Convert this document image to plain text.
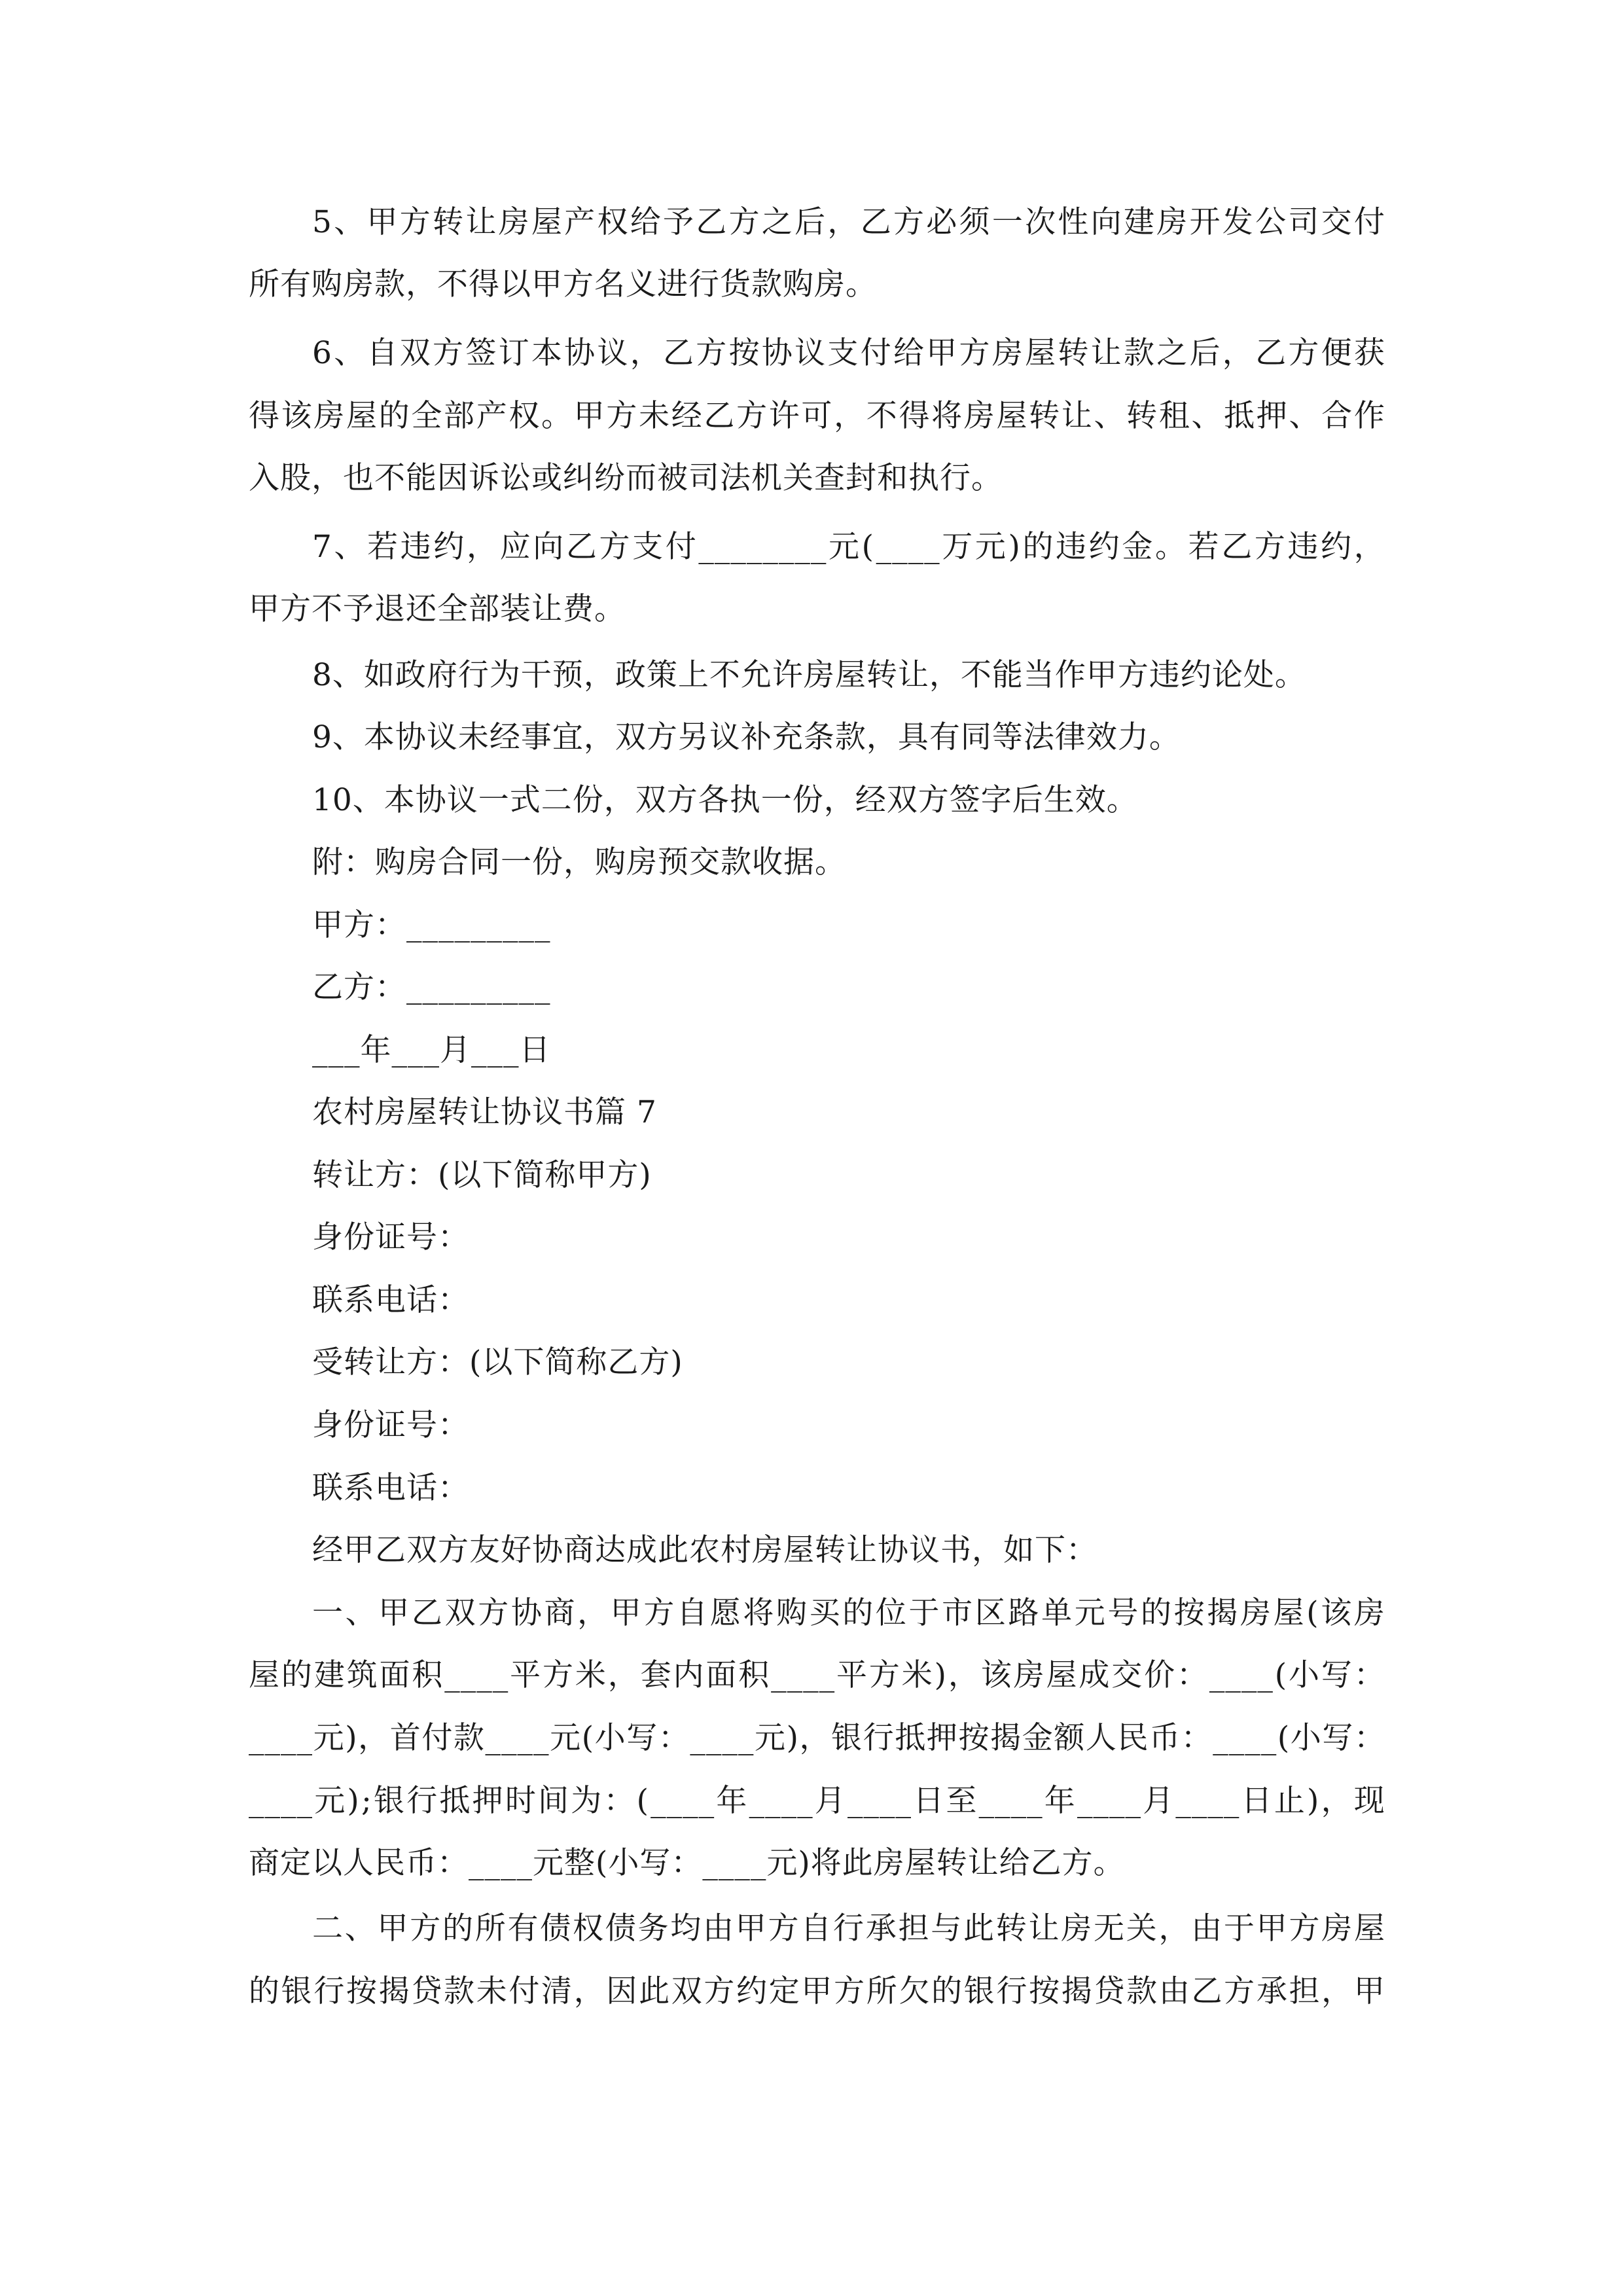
5 、 甲 方 转 让 房 屋 产 权 给 予 乙 方 之 后 ， 乙 方 必 须 一 次 性 向 建 房 开 发 公 司 交 付
所有购房款，不得以甲方名义进行货款购房。
6 、 自 双 方 签 订 本 协 议 ， 乙 方 按 协 议 支 付 给 甲 方 房 屋 转 让 款 之 后 ， 乙 方 便 获
得 该 房 屋 的 全 部 产 权 。 甲 方 未 经 乙 方 许 可 ， 不 得 将 房 屋 转 让 、 转 租 、 抵 押 、 合 作
入股，也不能因诉讼或纠纷而被司法机关查封和执行。
7 、 若 违 约 ， 应 向 乙 方 支 付 ________ 元 ( ____ 万 元 ) 的 违 约 金 。 若 乙 方 违 约 ，
甲方不予退还全部装让费。
8、如政府行为干预，政策上不允许房屋转让，不能当作甲方违约论处。
9、本协议未经事宜，双方另议补充条款，具有同等法律效力。
10、本协议一式二份，双方各执一份，经双方签字后生效。
附：购房合同一份，购房预交款收据。
甲方：_________
乙方：_________
___年___月___日
农村房屋转让协议书篇 7
转让方：(以下简称甲方)
身份证号：
联系电话：
受转让方：(以下简称乙方)
身份证号：
联系电话：
经甲乙双方友好协商达成此农村房屋转让协议书，如下：
一 、 甲 乙 双 方 协 商 ， 甲 方 自 愿 将 购 买 的 位 于 市 区 路 单 元 号 的 按 揭 房 屋 ( 该 房
屋 的 建 筑 面 积 ____ 平 方 米 ， 套 内 面 积 ____ 平 方 米 ) ， 该 房 屋 成 交 价 ： ____ ( 小 写 ：
____ 元 ) ， 首 付 款 ____ 元 ( 小 写 ： ____ 元 ) ， 银 行 抵 押 按 揭 金 额 人 民 币 ： ____ ( 小 写 ：
____ 元 ) ; 银 行 抵 押 时 间 为 ： ( ____ 年 ____ 月 ____ 日 至 ____ 年 ____ 月 ____ 日 止 ) ， 现
商定以人民币：____元整(小写：____元)将此房屋转让给乙方。
二 、 甲 方 的 所 有 债 权 债 务 均 由 甲 方 自 行 承 担 与 此 转 让 房 无 关 ， 由 于 甲 方 房 屋
的 银 行 按 揭 贷 款 未 付 清 ， 因 此 双 方 约 定 甲 方 所 欠 的 银 行 按 揭 贷 款 由 乙 方 承 担 ， 甲
